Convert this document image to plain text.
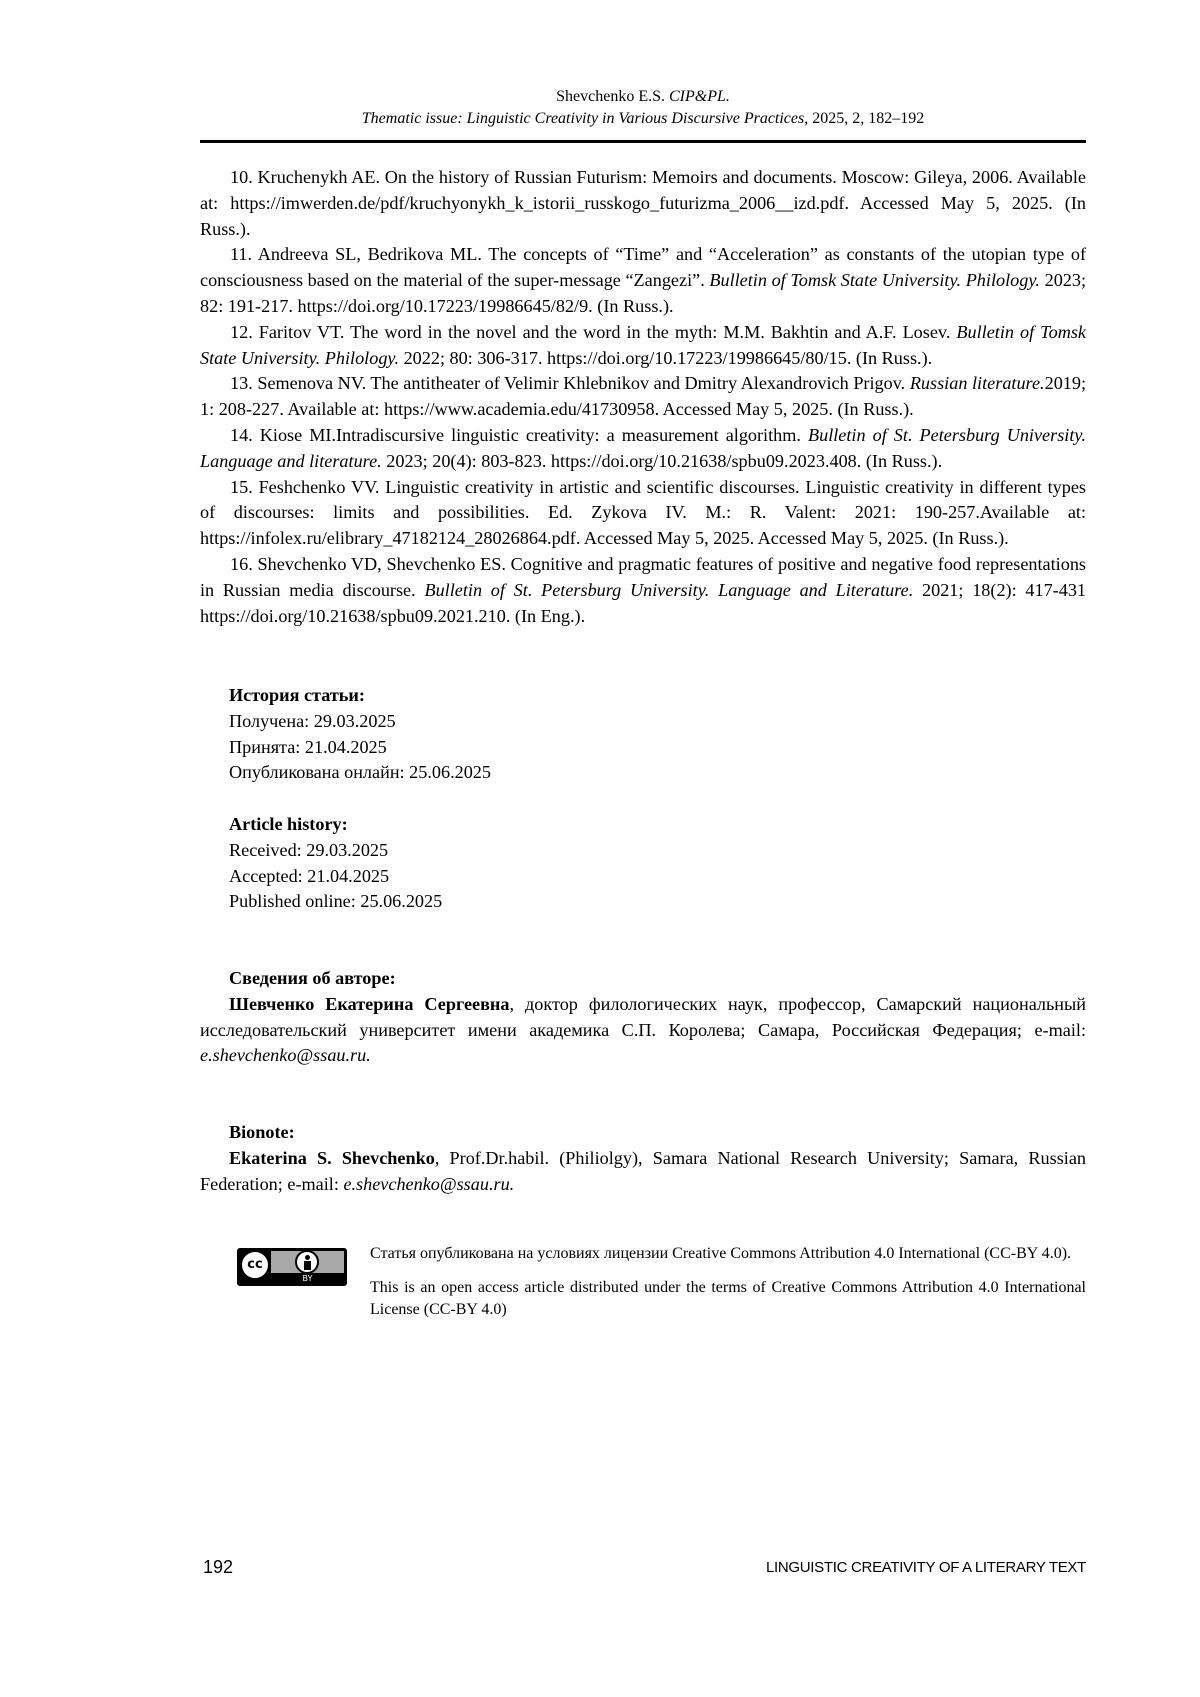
Shevchenko E.S. CIP&PL.
Thematic issue: Linguistic Creativity in Various Discursive Practices, 2025, 2, 182–192

10. Kruchenykh AE. On the history of Russian Futurism: Memoirs and documents. Moscow: Gileya, 2006. Available at: https://imwerden.de/pdf/kruchyonykh_k_istorii_russkogo_futurizma_2006__izd.pdf. Accessed May 5, 2025. (In Russ.).

11. Andreeva SL, Bedrikova ML. The concepts of “Time” and “Acceleration” as constants of the utopian type of consciousness based on the material of the super-message “Zangezi”. Bulletin of Tomsk State University. Philology. 2023; 82: 191-217. https://doi.org/10.17223/19986645/82/9. (In Russ.).

12. Faritov VT. The word in the novel and the word in the myth: M.M. Bakhtin and A.F. Losev. Bulletin of Tomsk State University. Philology. 2022; 80: 306-317. https://doi.org/10.17223/19986645/80/15. (In Russ.).

13. Semenova NV. The antitheater of Velimir Khlebnikov and Dmitry Alexandrovich Prigov. Russian literature.2019; 1: 208-227. Available at: https://www.academia.edu/41730958. Accessed May 5, 2025. (In Russ.).

14. Kiose MI.Intradiscursive linguistic creativity: a measurement algorithm. Bulletin of St. Petersburg University. Language and literature. 2023; 20(4): 803-823. https://doi.org/10.21638/spbu09.2023.408. (In Russ.).

15. Feshchenko VV. Linguistic creativity in artistic and scientific discourses. Linguistic creativity in different types of discourses: limits and possibilities. Ed. Zykova IV. M.: R. Valent: 2021: 190-257.Available at: https://infolex.ru/elibrary_47182124_28026864.pdf. Accessed May 5, 2025. Accessed May 5, 2025. (In Russ.).

16. Shevchenko VD, Shevchenko ES. Cognitive and pragmatic features of positive and negative food representations in Russian media discourse. Bulletin of St. Petersburg University. Language and Literature. 2021; 18(2): 417-431 https://doi.org/10.21638/spbu09.2021.210. (In Eng.).

История статьи:
Получена: 29.03.2025
Принята: 21.04.2025
Опубликована онлайн: 25.06.2025
Article history:
Received: 29.03.2025
Accepted: 21.04.2025
Published online: 25.06.2025
Сведения об авторе:

Шевченко Екатерина Сергеевна, доктор филологических наук, профессор, Самарский национальный исследовательский университет имени академика С.П. Королева; Самара, Российская Федерация; e-mail: e.shevchenko@ssau.ru.

Bionote:

Ekaterina S. Shevchenko, Prof.Dr.habil. (Philiolgy), Samara National Research University; Samara, Russian Federation; e-mail: e.shevchenko@ssau.ru.

cc
BY

Статья опубликована на условиях лицензии Creative Commons Attribution 4.0 International (CC-BY 4.0).

This is an open access article distributed under the terms of Creative Commons Attribution 4.0 International License (CC-BY 4.0)

192	LINGUISTIC CREATIVITY OF A LITERARY TEXT
